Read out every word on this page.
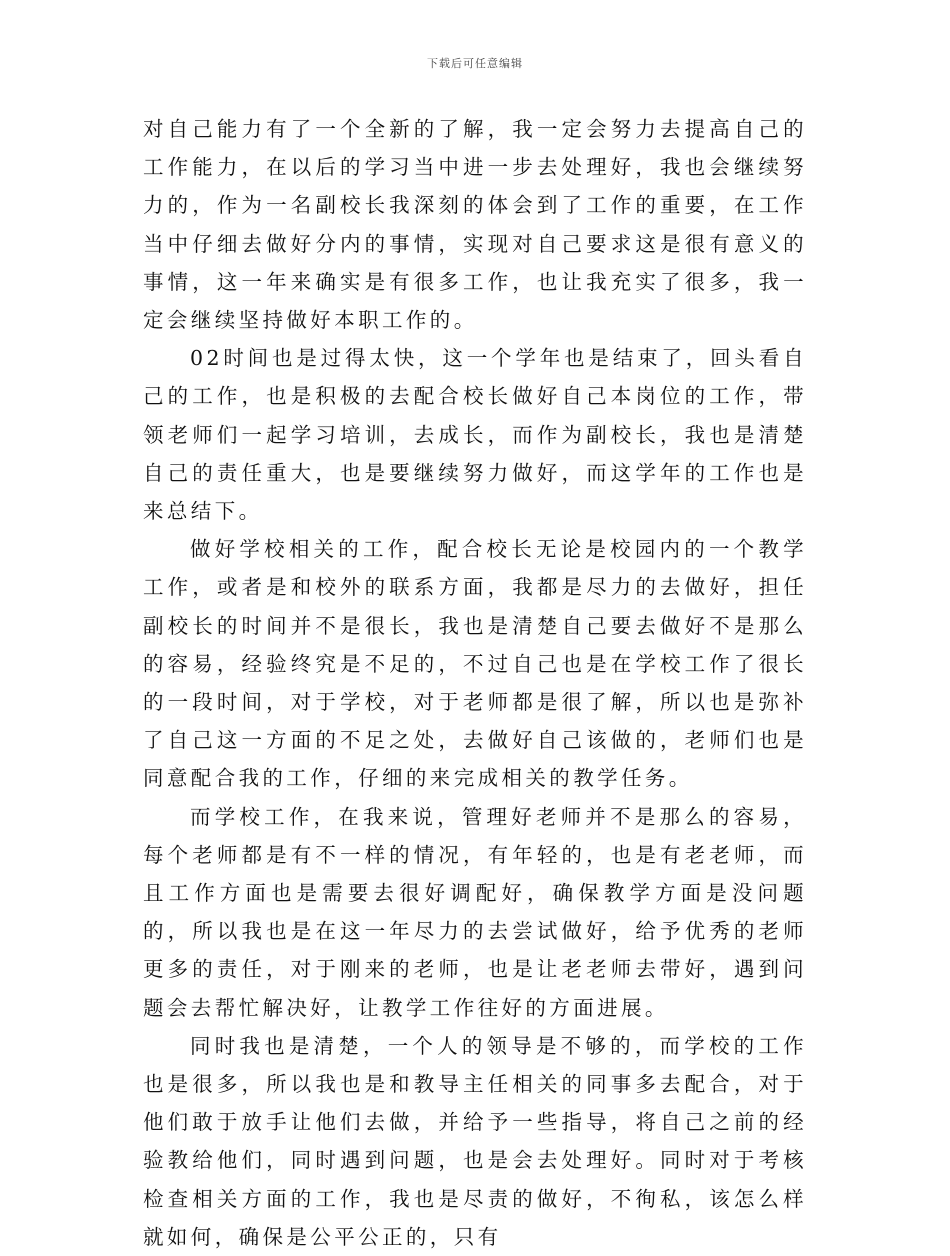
下载后可任意编辑

对自己能力有了一个全新的了解，我一定会努力去提高自己的工作能力，在以后的学习当中进一步去处理好，我也会继续努力的，作为一名副校长我深刻的体会到了工作的重要，在工作当中仔细去做好分内的事情，实现对自己要求这是很有意义的事情，这一年来确实是有很多工作，也让我充实了很多，我一定会继续坚持做好本职工作的。

02时间也是过得太快，这一个学年也是结束了，回头看自己的工作，也是积极的去配合校长做好自己本岗位的工作，带领老师们一起学习培训，去成长，而作为副校长，我也是清楚自己的责任重大，也是要继续努力做好，而这学年的工作也是来总结下。

做好学校相关的工作，配合校长无论是校园内的一个教学工作，或者是和校外的联系方面，我都是尽力的去做好，担任副校长的时间并不是很长，我也是清楚自己要去做好不是那么的容易，经验终究是不足的，不过自己也是在学校工作了很长的一段时间，对于学校，对于老师都是很了解，所以也是弥补了自己这一方面的不足之处，去做好自己该做的，老师们也是同意配合我的工作，仔细的来完成相关的教学任务。

而学校工作，在我来说，管理好老师并不是那么的容易，每个老师都是有不一样的情况，有年轻的，也是有老老师，而且工作方面也是需要去很好调配好，确保教学方面是没问题的，所以我也是在这一年尽力的去尝试做好，给予优秀的老师更多的责任，对于刚来的老师，也是让老老师去带好，遇到问题会去帮忙解决好，让教学工作往好的方面进展。

同时我也是清楚，一个人的领导是不够的，而学校的工作也是很多，所以我也是和教导主任相关的同事多去配合，对于他们敢于放手让他们去做，并给予一些指导，将自己之前的经验教给他们，同时遇到问题，也是会去处理好。同时对于考核检查相关方面的工作，我也是尽责的做好，不徇私，该怎么样就如何，确保是公平公正的，只有
